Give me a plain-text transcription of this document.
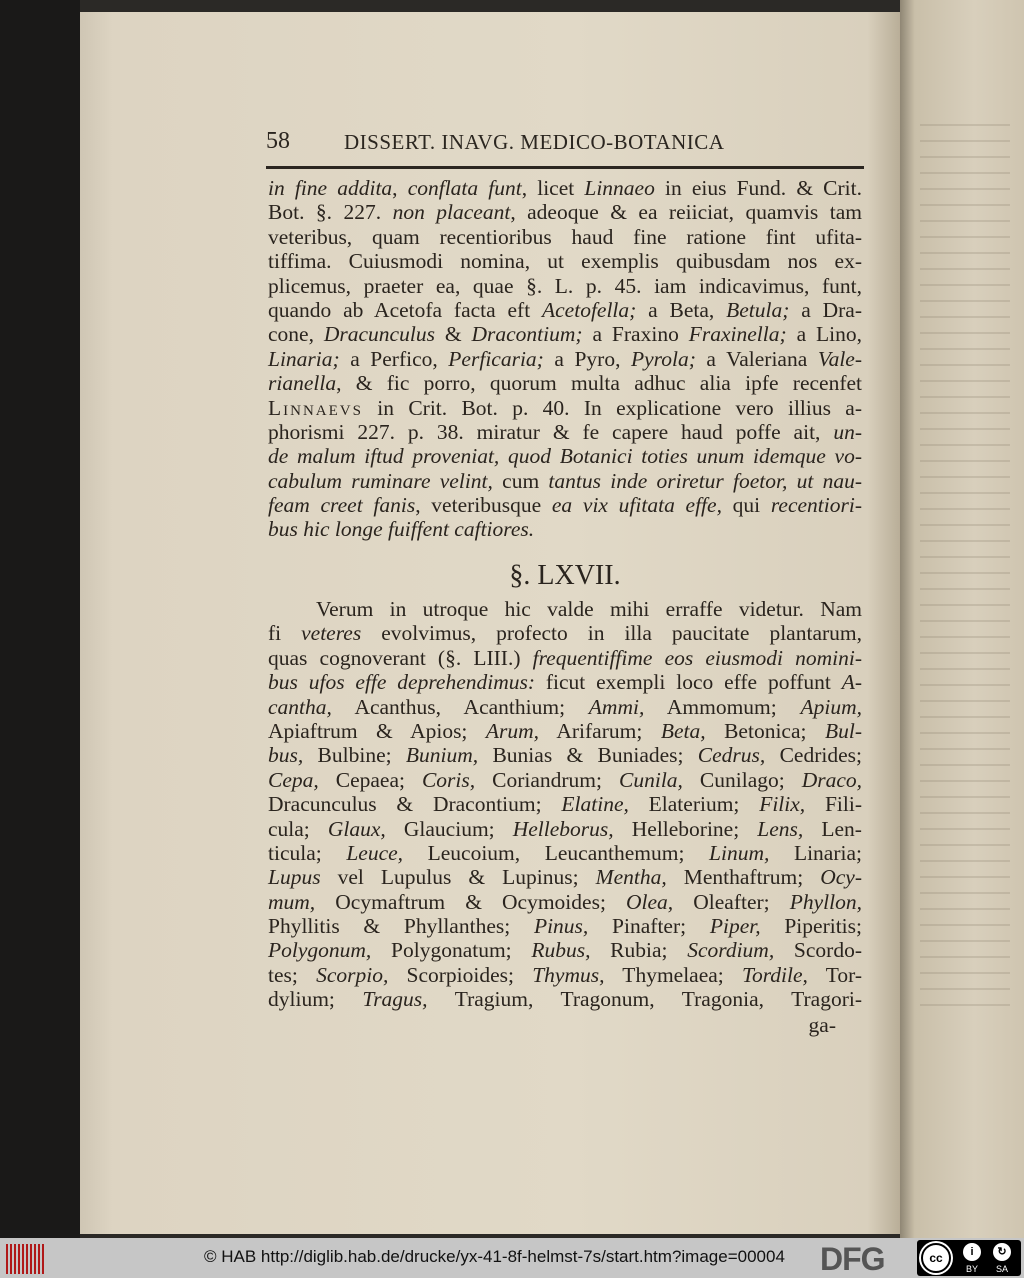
58	DISSERT. INAVG. MEDICO-BOTANICA
in fine addita, conflata funt, licet Linnaeo in eius Fund. & Crit.
Bot. §. 227. non placeant, adeoque & ea reiiciat, quamvis tam
veteribus, quam recentioribus haud fine ratione fint ufita-
tiffima. Cuiusmodi nomina, ut exemplis quibusdam nos ex-
plicemus, praeter ea, quae §. L. p. 45. iam indicavimus, funt,
quando ab Acetofa facta eft Acetofella; a Beta, Betula; a Dra-
cone, Dracunculus & Dracontium; a Fraxino Fraxinella; a Lino,
Linaria; a Perfico, Perficaria; a Pyro, Pyrola; a Valeriana Vale-
rianella, & fic porro, quorum multa adhuc alia ipfe recenfet
Linnaevs in Crit. Bot. p. 40. In explicatione vero illius a-
phorismi 227. p. 38. miratur & fe capere haud poffe ait, un-
de malum iftud proveniat, quod Botanici toties unum idemque vo-
cabulum ruminare velint, cum tantus inde oriretur foetor, ut nau-
feam creet fanis, veteribusque ea vix ufitata effe, qui recentiori-
bus hic longe fuiffent caftiores.
§. LXVII.
Verum in utroque hic valde mihi erraffe videtur. Nam
fi veteres evolvimus, profecto in illa paucitate plantarum,
quas cognoverant (§. LIII.) frequentiffime eos eiusmodi nomini-
bus ufos effe deprehendimus: ficut exempli loco effe poffunt A-
cantha, Acanthus, Acanthium; Ammi, Ammomum; Apium,
Apiaftrum & Apios; Arum, Arifarum; Beta, Betonica; Bul-
bus, Bulbine; Bunium, Bunias & Buniades; Cedrus, Cedrides;
Cepa, Cepaea; Coris, Coriandrum; Cunila, Cunilago; Draco,
Dracunculus & Dracontium; Elatine, Elaterium; Filix, Fili-
cula; Glaux, Glaucium; Helleborus, Helleborine; Lens, Len-
ticula; Leuce, Leucoium, Leucanthemum; Linum, Linaria;
Lupus vel Lupulus & Lupinus; Mentha, Menthaftrum; Ocy-
mum, Ocymaftrum & Ocymoides; Olea, Oleafter; Phyllon,
Phyllitis & Phyllanthes; Pinus, Pinafter; Piper, Piperitis;
Polygonum, Polygonatum; Rubus, Rubia; Scordium, Scordo-
tes; Scorpio, Scorpioides; Thymus, Thymelaea; Tordile, Tor-
dylium; Tragus, Tragium, Tragonum, Tragonia, Tragori-
ga-
© HAB http://diglib.hab.de/drucke/yx-41-8f-helmst-7s/start.htm?image=00004 DFG	cc	i	↻
BY SA
